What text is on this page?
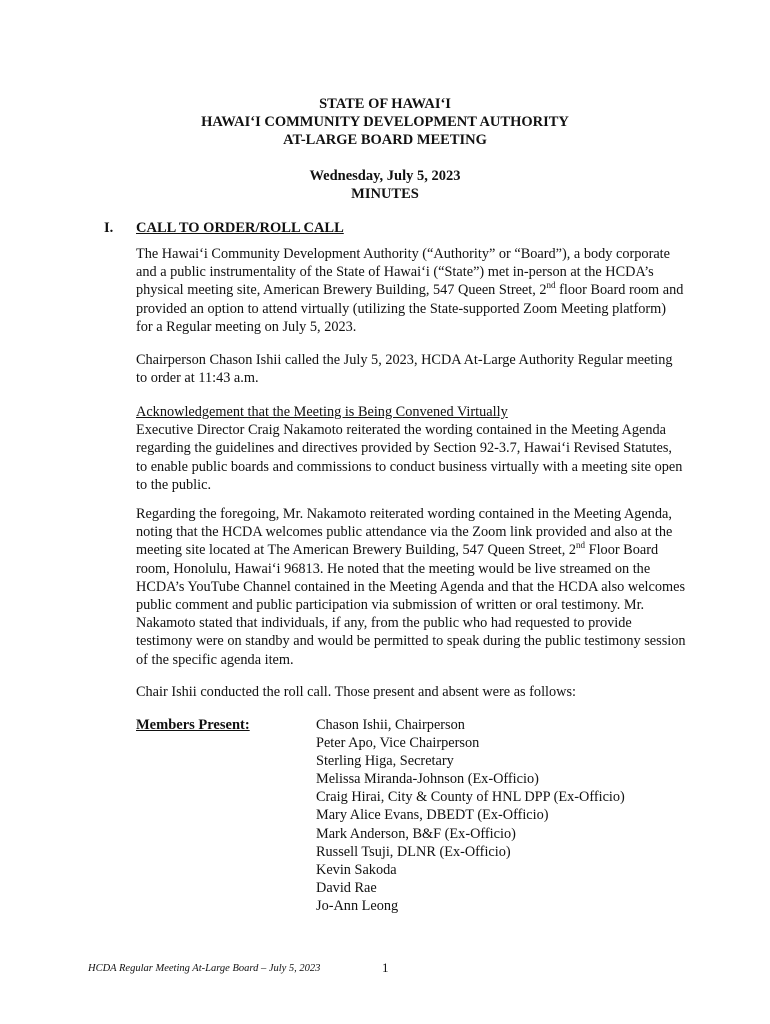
STATE OF HAWAI‘I
HAWAI‘I COMMUNITY DEVELOPMENT AUTHORITY
AT-LARGE BOARD MEETING
Wednesday, July 5, 2023
MINUTES
I. CALL TO ORDER/ROLL CALL
The Hawai‘i Community Development Authority (“Authority” or “Board”), a body corporate and a public instrumentality of the State of Hawai‘i (“State”) met in-person at the HCDA’s physical meeting site, American Brewery Building, 547 Queen Street, 2nd floor Board room and provided an option to attend virtually (utilizing the State-supported Zoom Meeting platform) for a Regular meeting on July 5, 2023.
Chairperson Chason Ishii called the July 5, 2023, HCDA At-Large Authority Regular meeting to order at 11:43 a.m.
Acknowledgement that the Meeting is Being Convened Virtually
Executive Director Craig Nakamoto reiterated the wording contained in the Meeting Agenda regarding the guidelines and directives provided by Section 92-3.7, Hawai‘i Revised Statutes, to enable public boards and commissions to conduct business virtually with a meeting site open to the public.
Regarding the foregoing, Mr. Nakamoto reiterated wording contained in the Meeting Agenda, noting that the HCDA welcomes public attendance via the Zoom link provided and also at the meeting site located at The American Brewery Building, 547 Queen Street, 2nd Floor Board room, Honolulu, Hawai‘i 96813. He noted that the meeting would be live streamed on the HCDA’s YouTube Channel contained in the Meeting Agenda and that the HCDA also welcomes public comment and public participation via submission of written or oral testimony. Mr. Nakamoto stated that individuals, if any, from the public who had requested to provide testimony were on standby and would be permitted to speak during the public testimony session of the specific agenda item.
Chair Ishii conducted the roll call. Those present and absent were as follows:
Members Present:	Chason Ishii, Chairperson
Peter Apo, Vice Chairperson
Sterling Higa, Secretary
Melissa Miranda-Johnson (Ex-Officio)
Craig Hirai, City & County of HNL DPP (Ex-Officio)
Mary Alice Evans, DBEDT (Ex-Officio)
Mark Anderson, B&F (Ex-Officio)
Russell Tsuji, DLNR (Ex-Officio)
Kevin Sakoda
David Rae
Jo-Ann Leong
HCDA Regular Meeting At-Large Board – July 5, 2023	1
